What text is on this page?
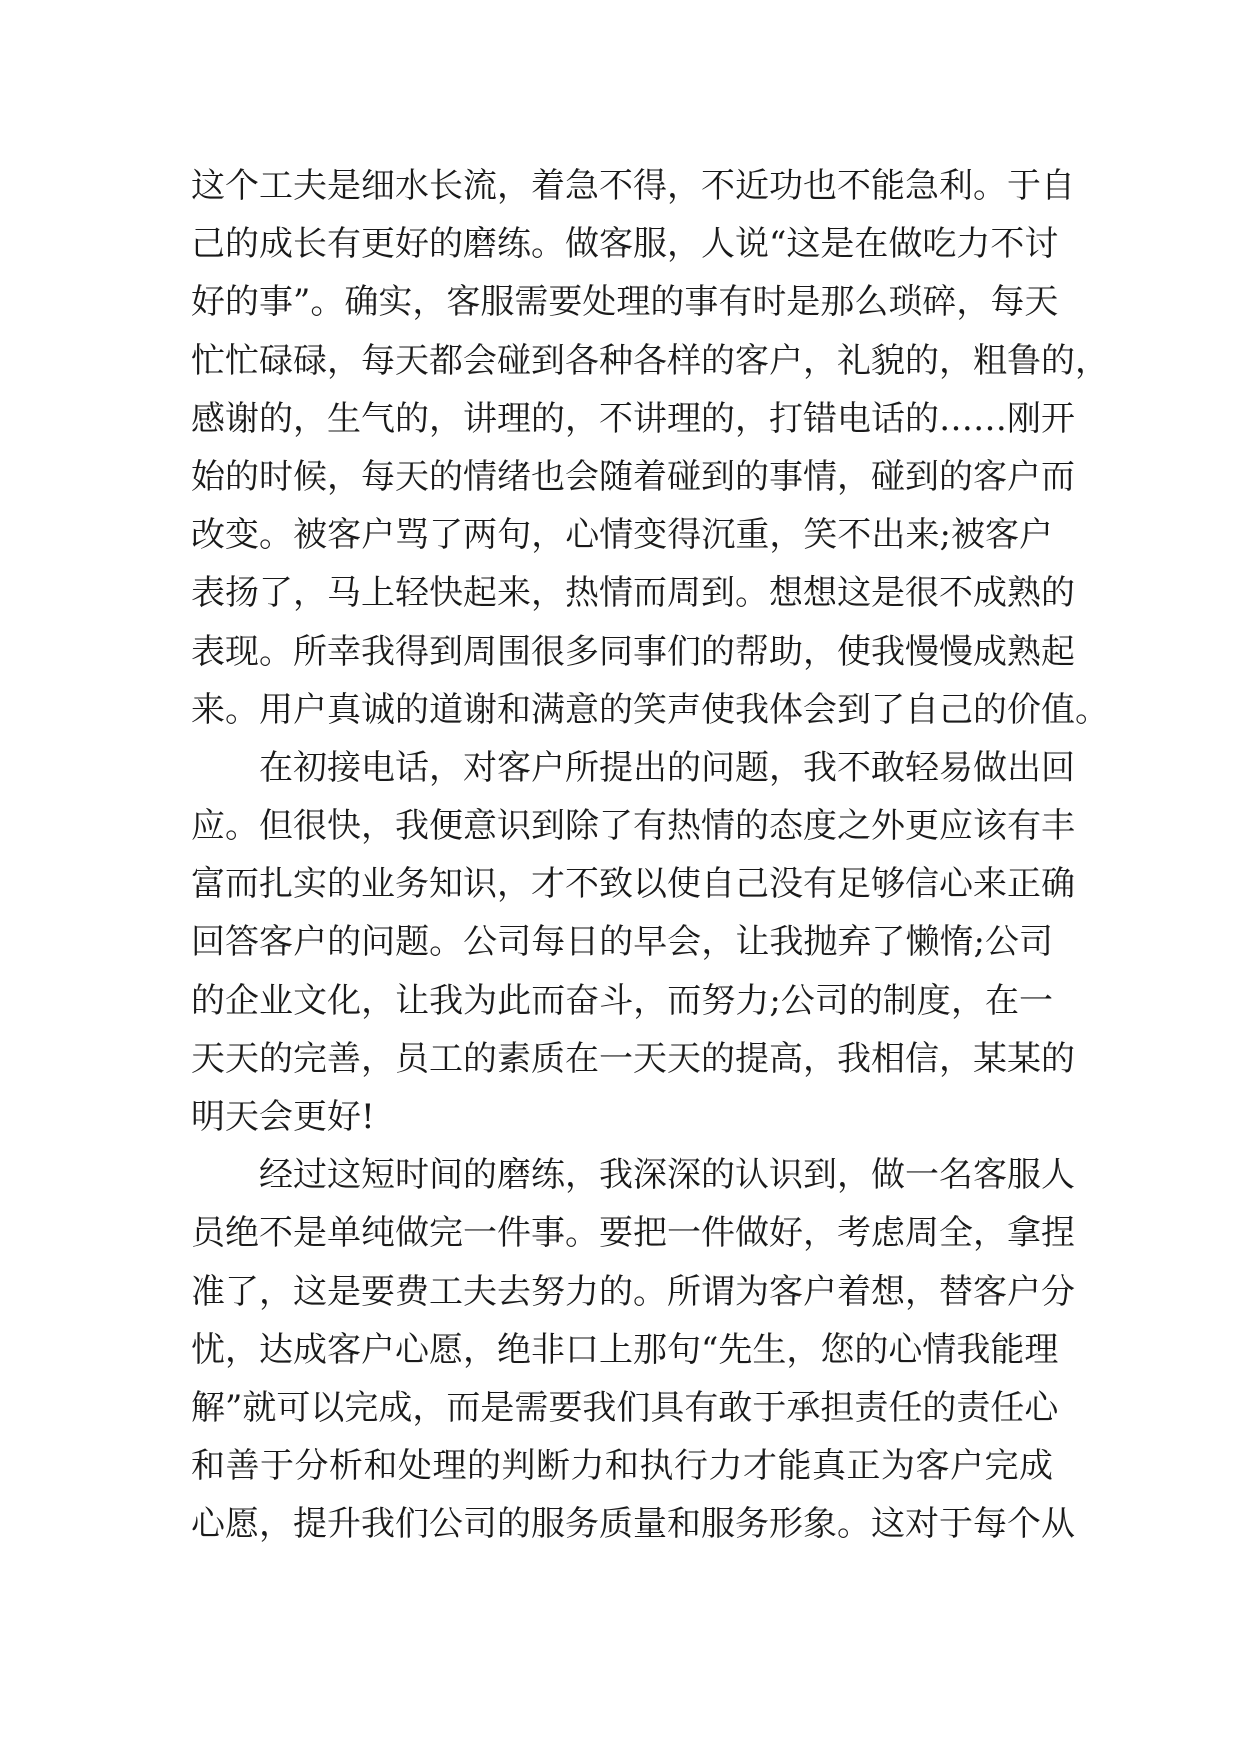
这个工夫是细水长流，着急不得，不近功也不能急利。于自
己的成长有更好的磨练。做客服，人说“这是在做吃力不讨
好的事”。确实，客服需要处理的事有时是那么琐碎，每天
忙忙碌碌，每天都会碰到各种各样的客户，礼貌的，粗鲁的，
感谢的，生气的，讲理的，不讲理的，打错电话的……刚开
始的时候，每天的情绪也会随着碰到的事情，碰到的客户而
改变。被客户骂了两句，心情变得沉重，笑不出来;被客户
表扬了，马上轻快起来，热情而周到。想想这是很不成熟的
表现。所幸我得到周围很多同事们的帮助，使我慢慢成熟起
来。用户真诚的道谢和满意的笑声使我体会到了自己的价值。
　　在初接电话，对客户所提出的问题，我不敢轻易做出回
应。但很快，我便意识到除了有热情的态度之外更应该有丰
富而扎实的业务知识，才不致以使自己没有足够信心来正确
回答客户的问题。公司每日的早会，让我抛弃了懒惰;公司
的企业文化，让我为此而奋斗，而努力;公司的制度，在一
天天的完善，员工的素质在一天天的提高，我相信，某某的
明天会更好!
　　经过这短时间的磨练，我深深的认识到，做一名客服人
员绝不是单纯做完一件事。要把一件做好，考虑周全，拿捏
准了，这是要费工夫去努力的。所谓为客户着想，替客户分
忧，达成客户心愿，绝非口上那句“先生，您的心情我能理
解”就可以完成，而是需要我们具有敢于承担责任的责任心
和善于分析和处理的判断力和执行力才能真正为客户完成
心愿，提升我们公司的服务质量和服务形象。这对于每个从
